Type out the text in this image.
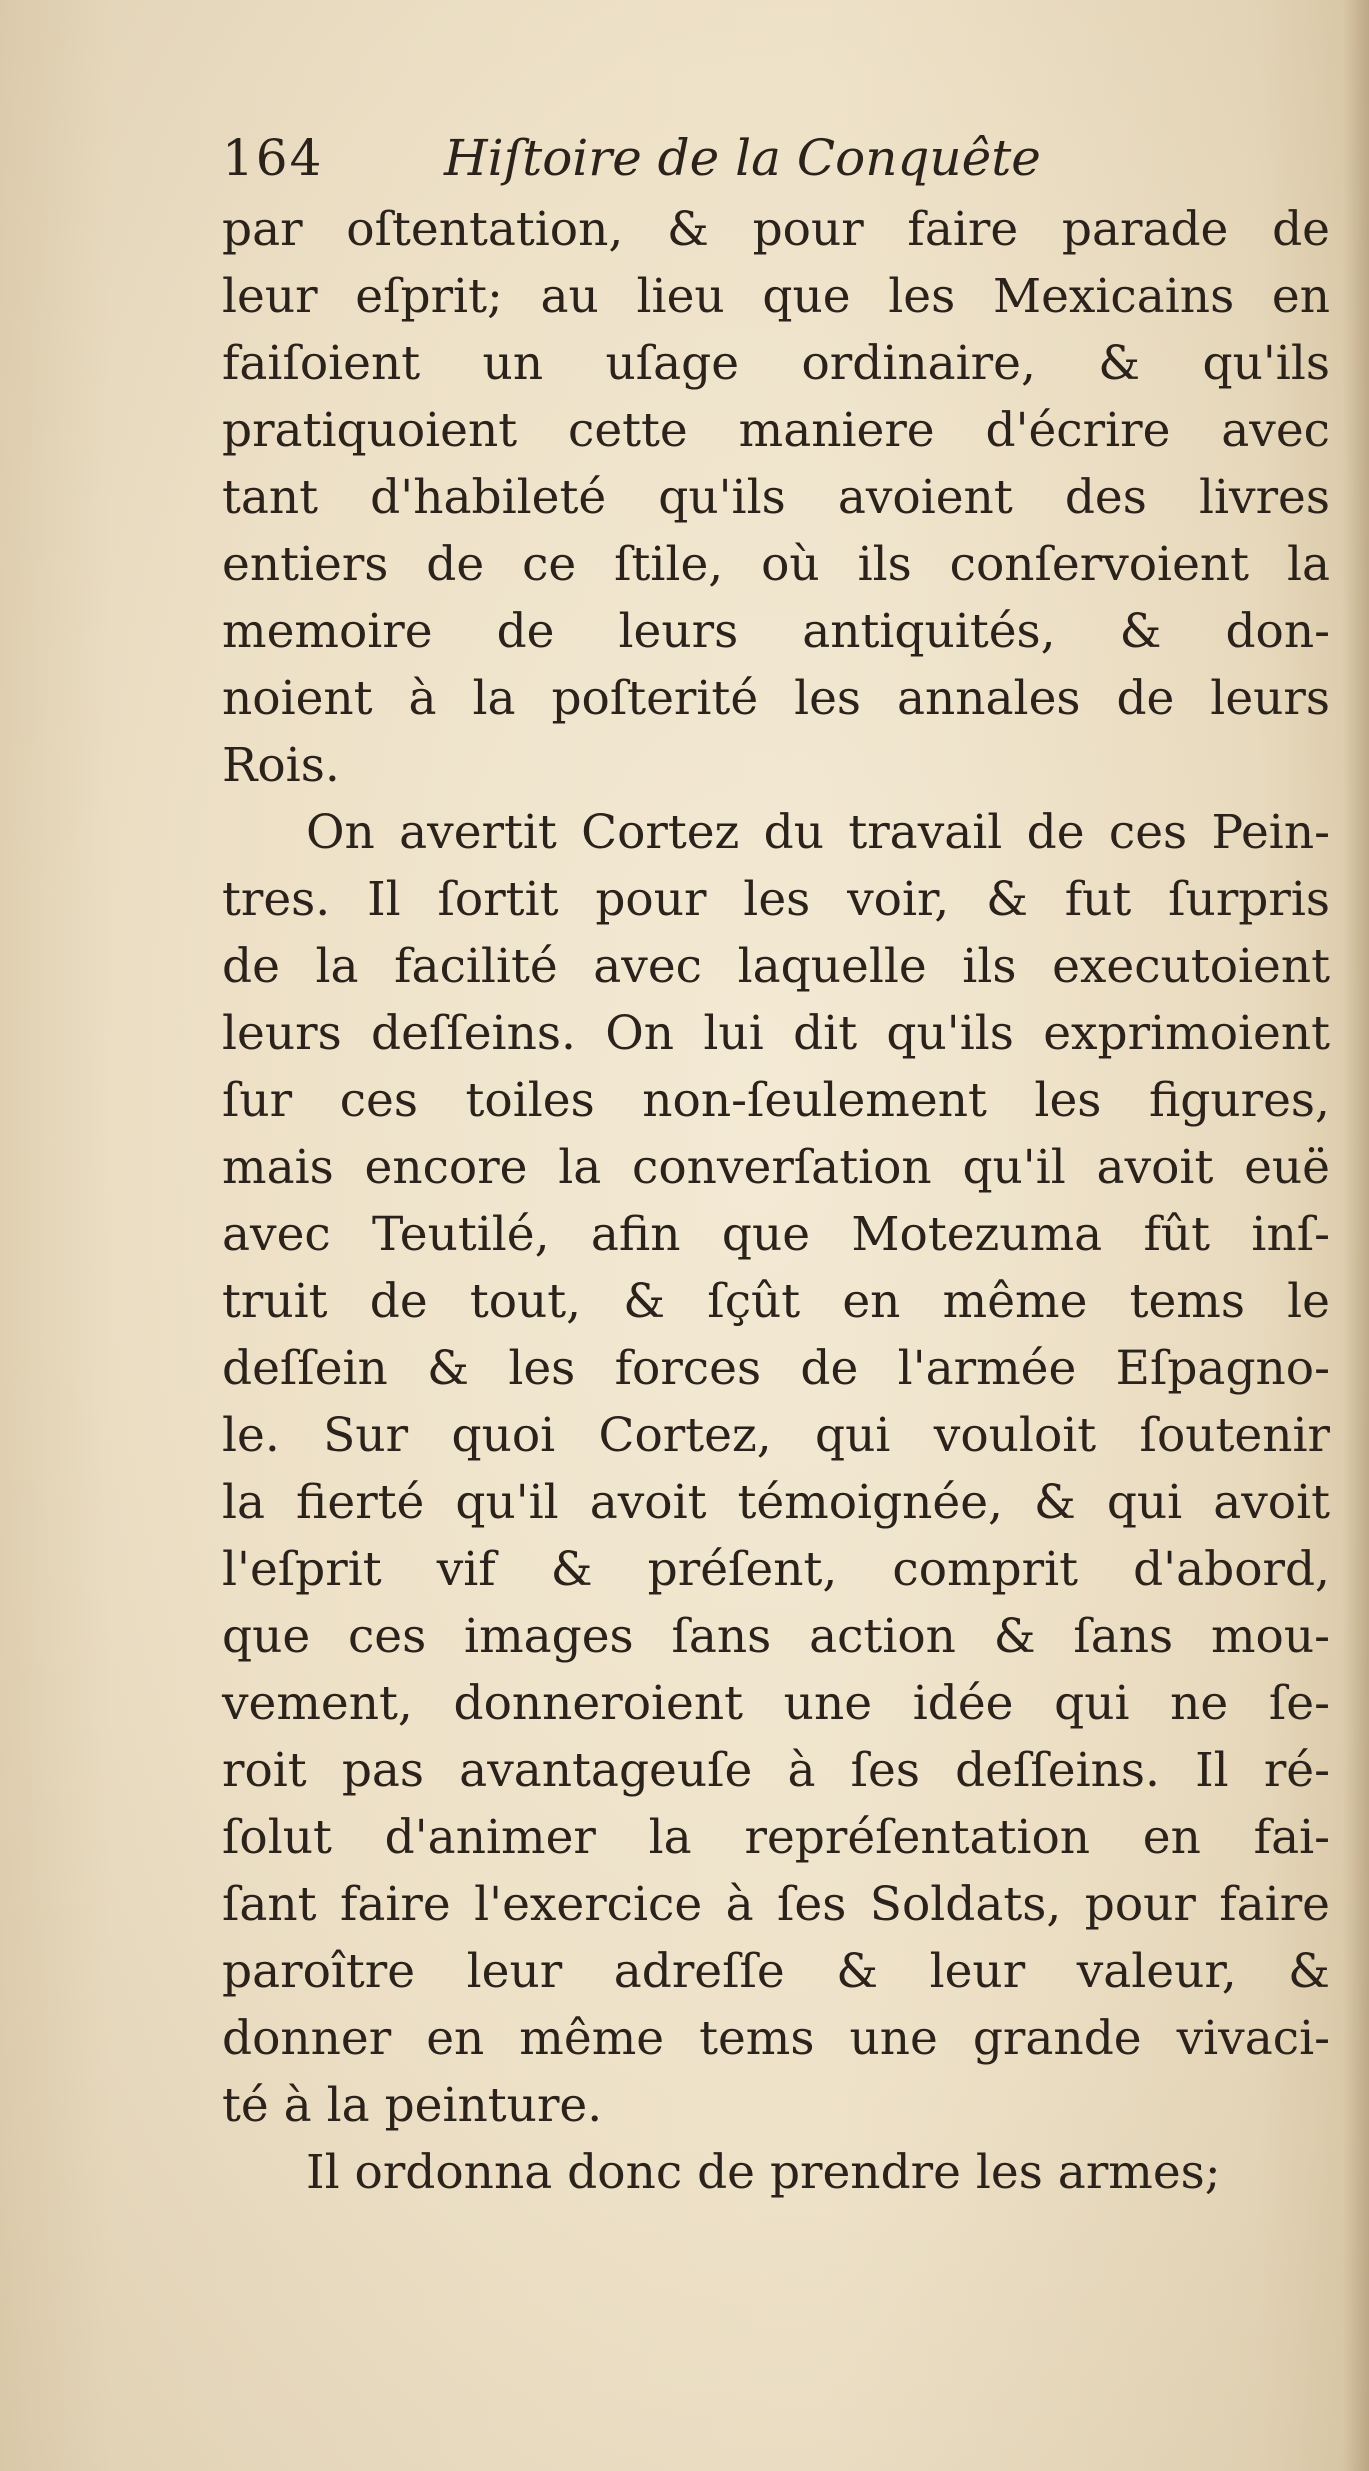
164 Hiſtoire de la Conquête
par oſtentation, & pour faire parade de
leur eſprit; au lieu que les Mexicains en
faiſoient un uſage ordinaire, & qu'ils
pratiquoient cette maniere d'écrire avec
tant d'habileté qu'ils avoient des livres
entiers de ce ſtile, où ils conſervoient la
memoire de leurs antiquités, & don-
noient à la poſterité les annales de leurs
Rois.
On avertit Cortez du travail de ces Pein-
tres. Il ſortit pour les voir, & fut ſurpris
de la facilité avec laquelle ils executoient
leurs deſſeins. On lui dit qu'ils exprimoient
ſur ces toiles non-ſeulement les figures,
mais encore la converſation qu'il avoit euë
avec Teutilé, afin que Motezuma fût inſ-
truit de tout, & ſçût en même tems le
deſſein & les forces de l'armée Eſpagno-
le. Sur quoi Cortez, qui vouloit ſoutenir
la fierté qu'il avoit témoignée, & qui avoit
l'eſprit vif & préſent, comprit d'abord,
que ces images ſans action & ſans mou-
vement, donneroient une idée qui ne ſe-
roit pas avantageuſe à ſes deſſeins. Il ré-
ſolut d'animer la repréſentation en fai-
ſant faire l'exercice à ſes Soldats, pour faire
paroître leur adreſſe & leur valeur, &
donner en même tems une grande vivaci-
té à la peinture.
Il ordonna donc de prendre les armes;
